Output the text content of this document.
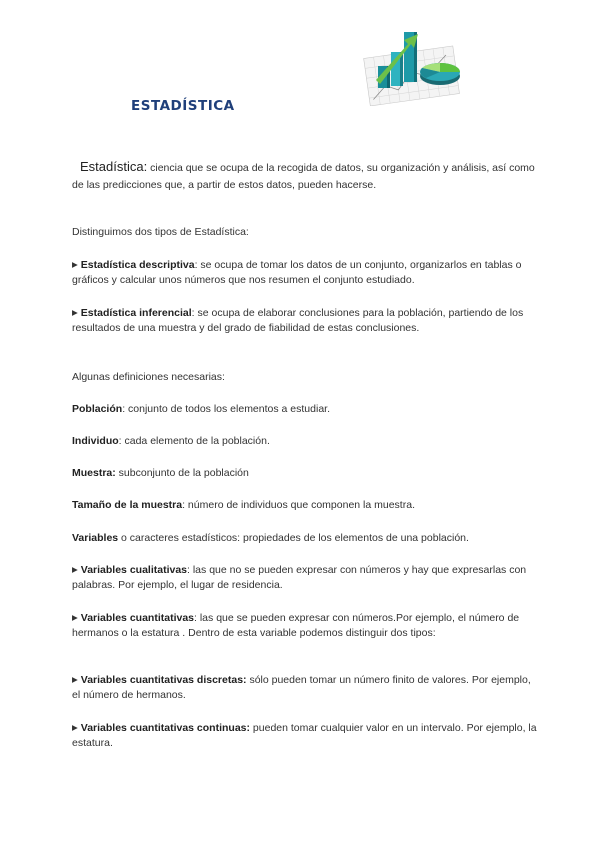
ESTADÍSTICA
Estadística: ciencia que se ocupa de la recogida de datos, su organización y análisis, así como de las predicciones que, a partir de estos datos, pueden hacerse.
Distinguimos dos tipos de Estadística:
▶ Estadística descriptiva: se ocupa de tomar los datos de un conjunto, organizarlos en tablas o gráficos y calcular unos números que nos resumen el conjunto estudiado.
▶ Estadística inferencial: se ocupa de elaborar conclusiones para la población, partiendo de los resultados de una muestra y del grado de fiabilidad de estas conclusiones.
Algunas definiciones necesarias:
Población: conjunto de todos los elementos a estudiar.
Individuo: cada elemento de la población.
Muestra: subconjunto de la población
Tamaño de la muestra: número de individuos que componen la muestra.
Variables o caracteres estadísticos: propiedades de los elementos de una población.
▶ Variables cualitativas: las que no se pueden expresar con números y hay que expresarlas con palabras. Por ejemplo, el lugar de residencia.
▶ Variables cuantitativas: las que se pueden expresar con números.Por ejemplo, el número de hermanos o la estatura . Dentro de esta variable podemos distinguir dos tipos:
▶ Variables cuantitativas discretas: sólo pueden tomar un número finito de valores. Por ejemplo, el número de hermanos.
▶ Variables cuantitativas continuas: pueden tomar cualquier valor en un intervalo. Por ejemplo, la estatura.
